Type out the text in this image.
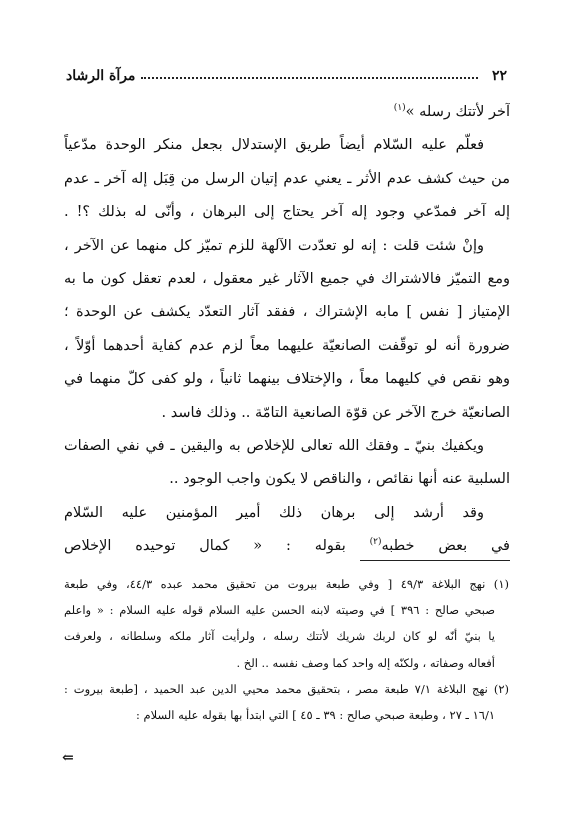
٢٢
مرآة الرشاد
آخر لأتتك رسله »$^{(١)}$
فعلّم عليه السّلام أيضاً طريق الإستدلال بجعل منكر الوحدة مدّعياً
من حيث كشف عدم الأثر ـ يعني عدم إتيان الرسل من قِبَل إله آخر ـ عدم
إله آخر فمدّعي وجود إله آخر يحتاج إلى البرهان ، وأنّى له بذلك ؟! .
وإنْ شئت قلت : إنه لو تعدّدت الآلهة للزم تميّز كل منهما عن الآخر ،
ومع التميّز فالاشتراك في جميع الآثار غير معقول ، لعدم تعقل كون ما به
الإمتياز [ نفس ] مابه الإشتراك ، ففقد آثار التعدّد يكشف عن الوحدة ؛
ضرورة أنه لو توقّفت الصانعيّة عليهما معاً لزم عدم كفاية أحدهما أوّلاً ،
وهو نقص في كليهما معاً ، والإختلاف بينهما ثانياً ، ولو كفى كلّ منهما في
الصانعيّة خرج الآخر عن قوّة الصانعية التامّة .. وذلك فاسد .
ويكفيك بنيّ ـ وفقك الله تعالى للإخلاص به واليقين ـ في نفي الصفات
السلبية عنه أنها نقائص ، والناقص لا يكون واجب الوجود ..
وقد أرشد إلى برهان ذلك أمير المؤمنين عليه السّلام
في بعض خطبه$^{(٢)}$ بقوله : « كمال توحيده الإخلاص
(١) نهج البلاغة ٤٩/٣ [ وفي طبعة بيروت من تحقيق محمد عبده ٤٤/٣، وفي طبعة
صبحي صالح : ٣٩٦ ] في وصيته لابنه الحسن عليه السلام قوله عليه السلام : « واعلم
يا بنيّ أنّه لو كان لربك شريك لأتتك رسله ، ولرأيت آثار ملكه وسلطانه ، ولعرفت
أفعاله وصفاته ، ولكنّه إله واحد كما وصف نفسه .. الخ .
(٢) نهج البلاغة ٧/١ طبعة مصر ، بتحقيق محمد محيي الدين عبد الحميد ، [طبعة بيروت :
١٦/١ ـ ٢٧ ، وطبعة صبحي صالح : ٣٩ ـ ٤٥ ] التي ابتدأ بها بقوله عليه السلام :
⇐
